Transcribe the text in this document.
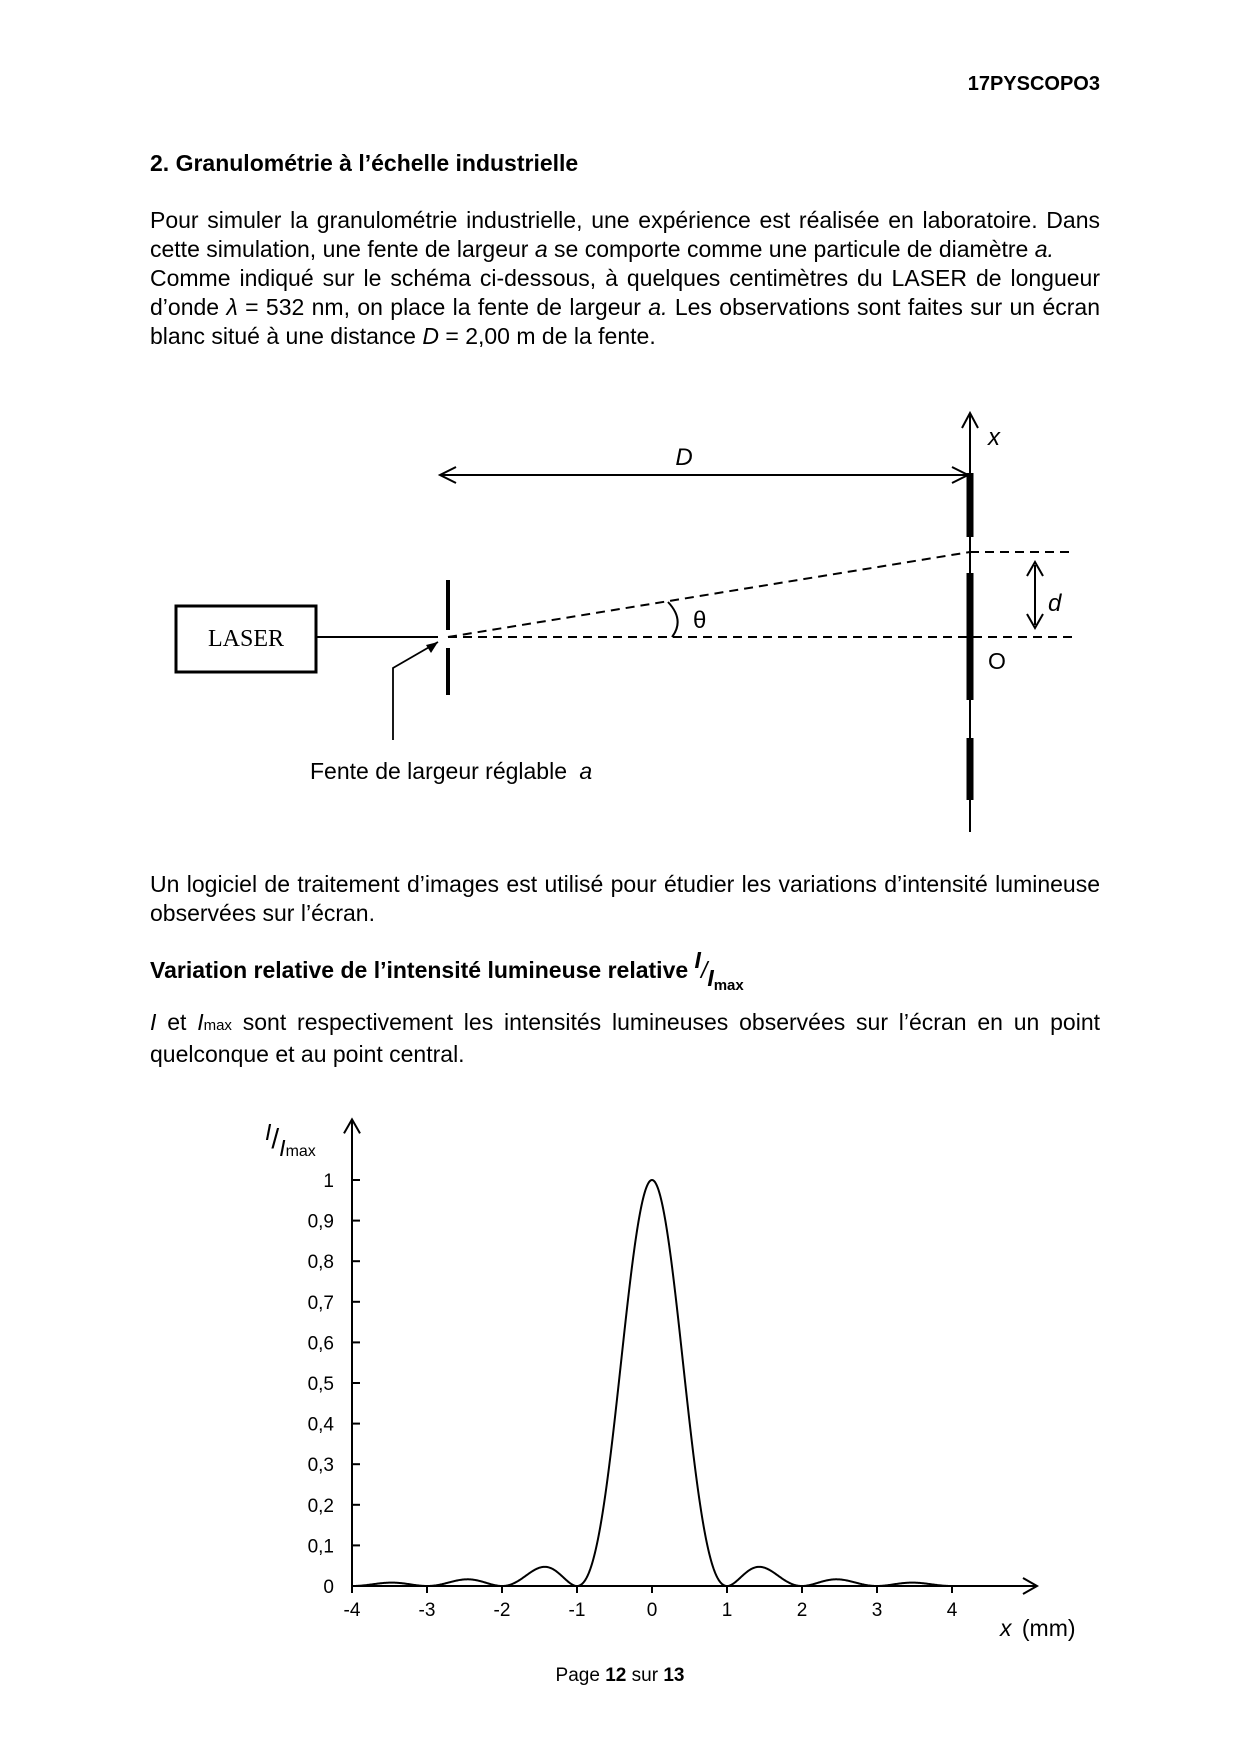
17PYSCOPO3
2. Granulométrie à l’échelle industrielle

Pour simuler la granulométrie industrielle, une expérience est réalisée en laboratoire. Dans cette simulation, une fente de largeur a se comporte comme une particule de diamètre a.

Comme indiqué sur le schéma ci-dessous, à quelques centimètres du LASER de longueur d’onde λ = 532 nm, on place la fente de largeur a. Les observations sont faites sur un écran blanc situé à une distance D = 2,00 m de la fente.

LASER
D
x
θ
d
O
Fente de largeur réglable a
Un logiciel de traitement d’images est utilisé pour étudier les variations d’intensité lumineuse observées sur l’écran.
Variation relative de l’intensité lumineuse relative $I/I_{max}$
I et Imax sont respectivement les intensités lumineuses observées sur l’écran en un point quelconque et au point central.
-4	-3	-2	-1	0	1	2	3	4
0
0,1
0,2
0,3
0,4
0,5
0,6
0,7
0,8
0,9
1
I/Imax
x (mm)
Page 12 sur 13
